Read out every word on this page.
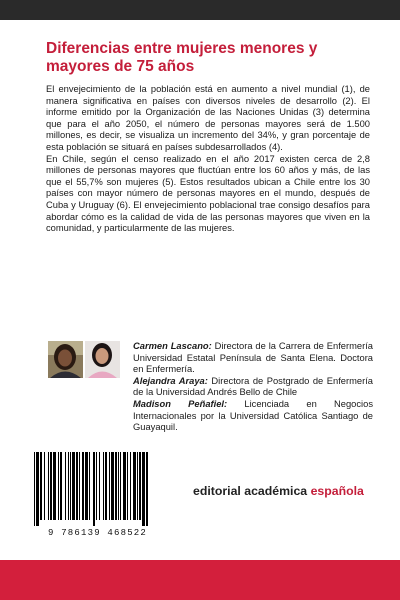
Diferencias entre mujeres menores y mayores de 75 años

El envejecimiento de la población está en aumento a nivel mundial (1), de manera significativa en países con diversos niveles de desarrollo (2). El informe emitido por la Organización de las Naciones Unidas (3) determina que para el año 2050, el número de personas mayores será de 1.500 millones, es decir, se visualiza un incremento del 34%, y gran porcentaje de esta población se situará en países subdesarrollados (4).

En Chile, según el censo realizado en el año 2017 existen cerca de 2,8 millones de personas mayores que fluctúan entre los 60 años y más, de las que el 55,7% son mujeres (5). Estos resultados ubican a Chile entre los 30 países con mayor número de personas mayores en el mundo, después de Cuba y Uruguay (6). El envejecimiento poblacional trae consigo desafíos para abordar cómo es la calidad de vida de las personas mayores que viven en la comunidad, y particularmente de las mujeres.

Carmen Lascano: Directora de la Carrera de Enfermería Universidad Estatal Península de Santa Elena. Doctora en Enfermería.

Alejandra Araya: Directora de Postgrado de Enfermería de la Universidad Andrés Bello de Chile

Madison Peñafiel: Licenciada en Negocios Internacionales por la Universidad Católica Santiago de Guayaquil.

9 786139 468522
editorial académica española
